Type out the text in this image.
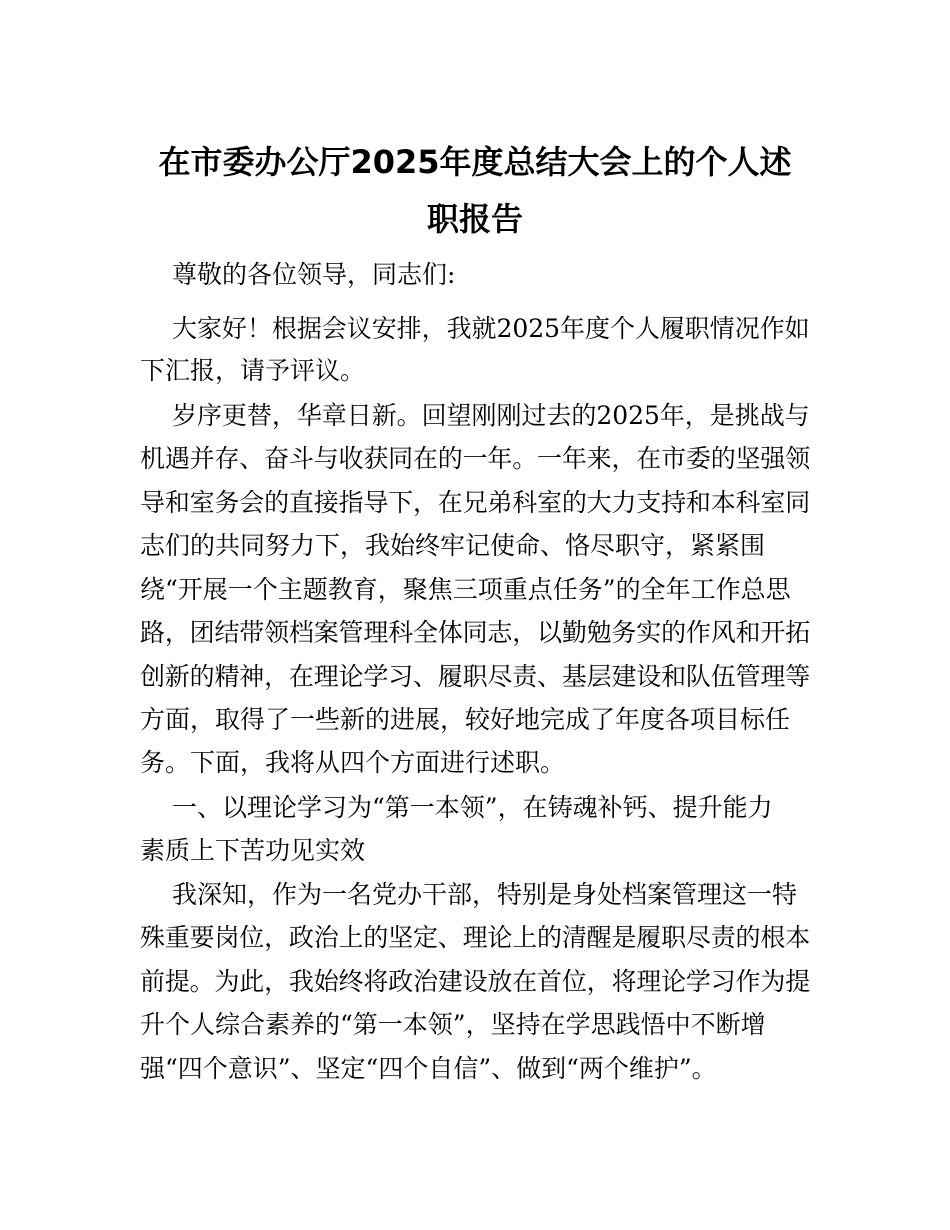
在市委办公厅2025年度总结大会上的个人述
职报告
尊敬的各位领导，同志们:
大家好！根据会议安排，我就2025年度个人履职情况作如
下汇报，请予评议。
岁序更替，华章日新。回望刚刚过去的2025年，是挑战与
机遇并存、奋斗与收获同在的一年。一年来，在市委的坚强领
导和室务会的直接指导下，在兄弟科室的大力支持和本科室同
志们的共同努力下，我始终牢记使命、恪尽职守，紧紧围
绕“开展一个主题教育，聚焦三项重点任务”的全年工作总思
路，团结带领档案管理科全体同志，以勤勉务实的作风和开拓
创新的精神，在理论学习、履职尽责、基层建设和队伍管理等
方面，取得了一些新的进展，较好地完成了年度各项目标任
务。下面，我将从四个方面进行述职。
一、以理论学习为“第一本领”，在铸魂补钙、提升能力
素质上下苦功见实效
我深知，作为一名党办干部，特别是身处档案管理这一特
殊重要岗位，政治上的坚定、理论上的清醒是履职尽责的根本
前提。为此，我始终将政治建设放在首位，将理论学习作为提
升个人综合素养的“第一本领”，坚持在学思践悟中不断增
强“四个意识”、坚定“四个自信”、做到“两个维护”。
